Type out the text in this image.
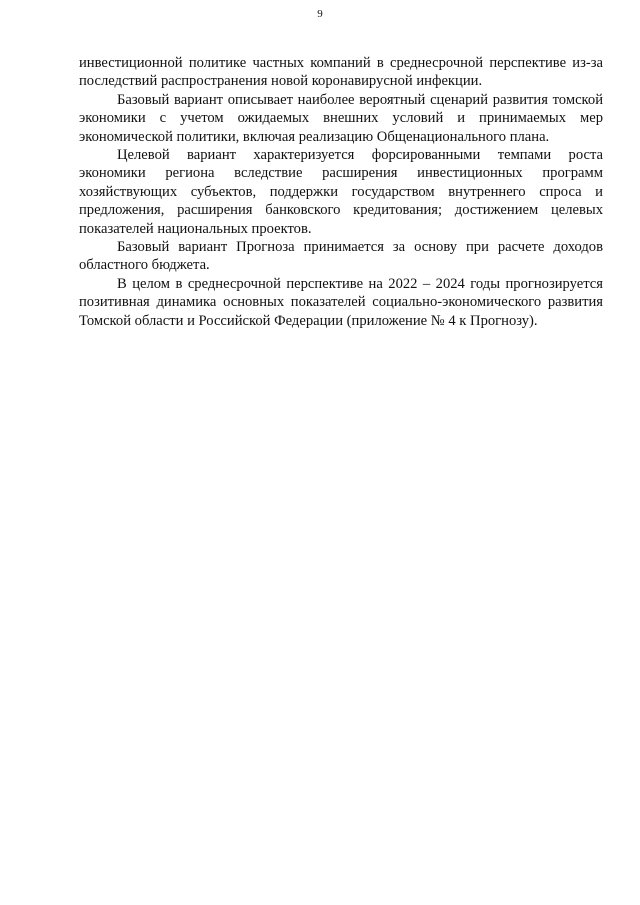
9

инвестиционной политике частных компаний в среднесрочной перспективе из-за последствий распространения новой коронавирусной инфекции.

Базовый вариант описывает наиболее вероятный сценарий развития томской экономики с учетом ожидаемых внешних условий и принимаемых мер экономической политики, включая реализацию Общенационального плана.

Целевой вариант характеризуется форсированными темпами роста экономики региона вследствие расширения инвестиционных программ хозяйствующих субъектов, поддержки государством внутреннего спроса и предложения, расширения банковского кредитования; достижением целевых показателей национальных проектов.

Базовый вариант Прогноза принимается за основу при расчете доходов областного бюджета.

В целом в среднесрочной перспективе на 2022 – 2024 годы прогнозируется позитивная динамика основных показателей социально-экономического развития Томской области и Российской Федерации (приложение № 4 к Прогнозу).
